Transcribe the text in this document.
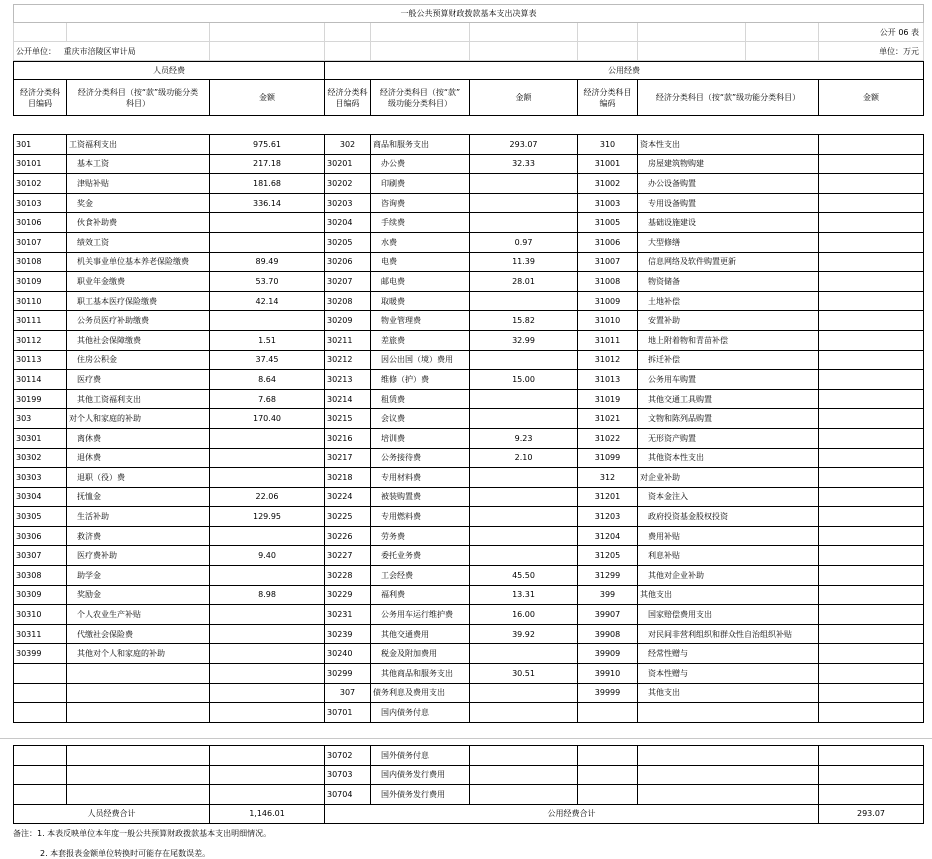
一般公共预算财政拨款基本支出决算表									
									公开 06 表
公开单位： 重庆市涪陵区审计局									单位：万元
人员经费			公用经费						
经济分类科
目编码	经济分类科目（按“款”级功能分类
科目）	金额	经济分类科
目编码	经济分类科目（按“款”
级功能分类科目）	金额	经济分类科目
编码	经济分类科目（按“款”级功能分类科目）		金额

301	工资福利支出	975.61	302	商品和服务支出	293.07	310	资本性支出		
30101	基本工资	217.18	30201	办公费	32.33	31001	房屋建筑物购建		
30102	津贴补贴	181.68	30202	印刷费		31002	办公设备购置		
30103	奖金	336.14	30203	咨询费		31003	专用设备购置		
30106	伙食补助费		30204	手续费		31005	基础设施建设		
30107	绩效工资		30205	水费	0.97	31006	大型修缮		
30108	机关事业单位基本养老保险缴费	89.49	30206	电费	11.39	31007	信息网络及软件购置更新		
30109	职业年金缴费	53.70	30207	邮电费	28.01	31008	物资储备		
30110	职工基本医疗保险缴费	42.14	30208	取暖费		31009	土地补偿		
30111	公务员医疗补助缴费		30209	物业管理费	15.82	31010	安置补助		
30112	其他社会保障缴费	1.51	30211	差旅费	32.99	31011	地上附着物和青苗补偿		
30113	住房公积金	37.45	30212	因公出国（境）费用		31012	拆迁补偿		
30114	医疗费	8.64	30213	维修（护）费	15.00	31013	公务用车购置		
30199	其他工资福利支出	7.68	30214	租赁费		31019	其他交通工具购置		
303	对个人和家庭的补助	170.40	30215	会议费		31021	文物和陈列品购置		
30301	离休费		30216	培训费	9.23	31022	无形资产购置		
30302	退休费		30217	公务接待费	2.10	31099	其他资本性支出		
30303	退职（役）费		30218	专用材料费		312	对企业补助		
30304	抚恤金	22.06	30224	被装购置费		31201	资本金注入		
30305	生活补助	129.95	30225	专用燃料费		31203	政府投资基金股权投资		
30306	救济费		30226	劳务费		31204	费用补贴		
30307	医疗费补助	9.40	30227	委托业务费		31205	利息补贴		
30308	助学金		30228	工会经费	45.50	31299	其他对企业补助		
30309	奖励金	8.98	30229	福利费	13.31	399	其他支出		
30310	个人农业生产补贴		30231	公务用车运行维护费	16.00	39907	国家赔偿费用支出		
30311	代缴社会保险费		30239	其他交通费用	39.92	39908	对民间非营利组织和群众性自治组织补贴		
30399	其他对个人和家庭的补助		30240	税金及附加费用		39909	经常性赠与		
			30299	其他商品和服务支出	30.51	39910	资本性赠与		
			307	债务利息及费用支出		39999	其他支出		
			30701	国内债务付息					
			30702	国外债务付息				
			30703	国内债务发行费用				
			30704	国外债务发行费用				
人员经费合计		1,146.01	公用经费合计					293.07
备注：1. 本表反映单位本年度一般公共预算财政拨款基本支出明细情况。
2. 本套报表金额单位转换时可能存在尾数误差。
